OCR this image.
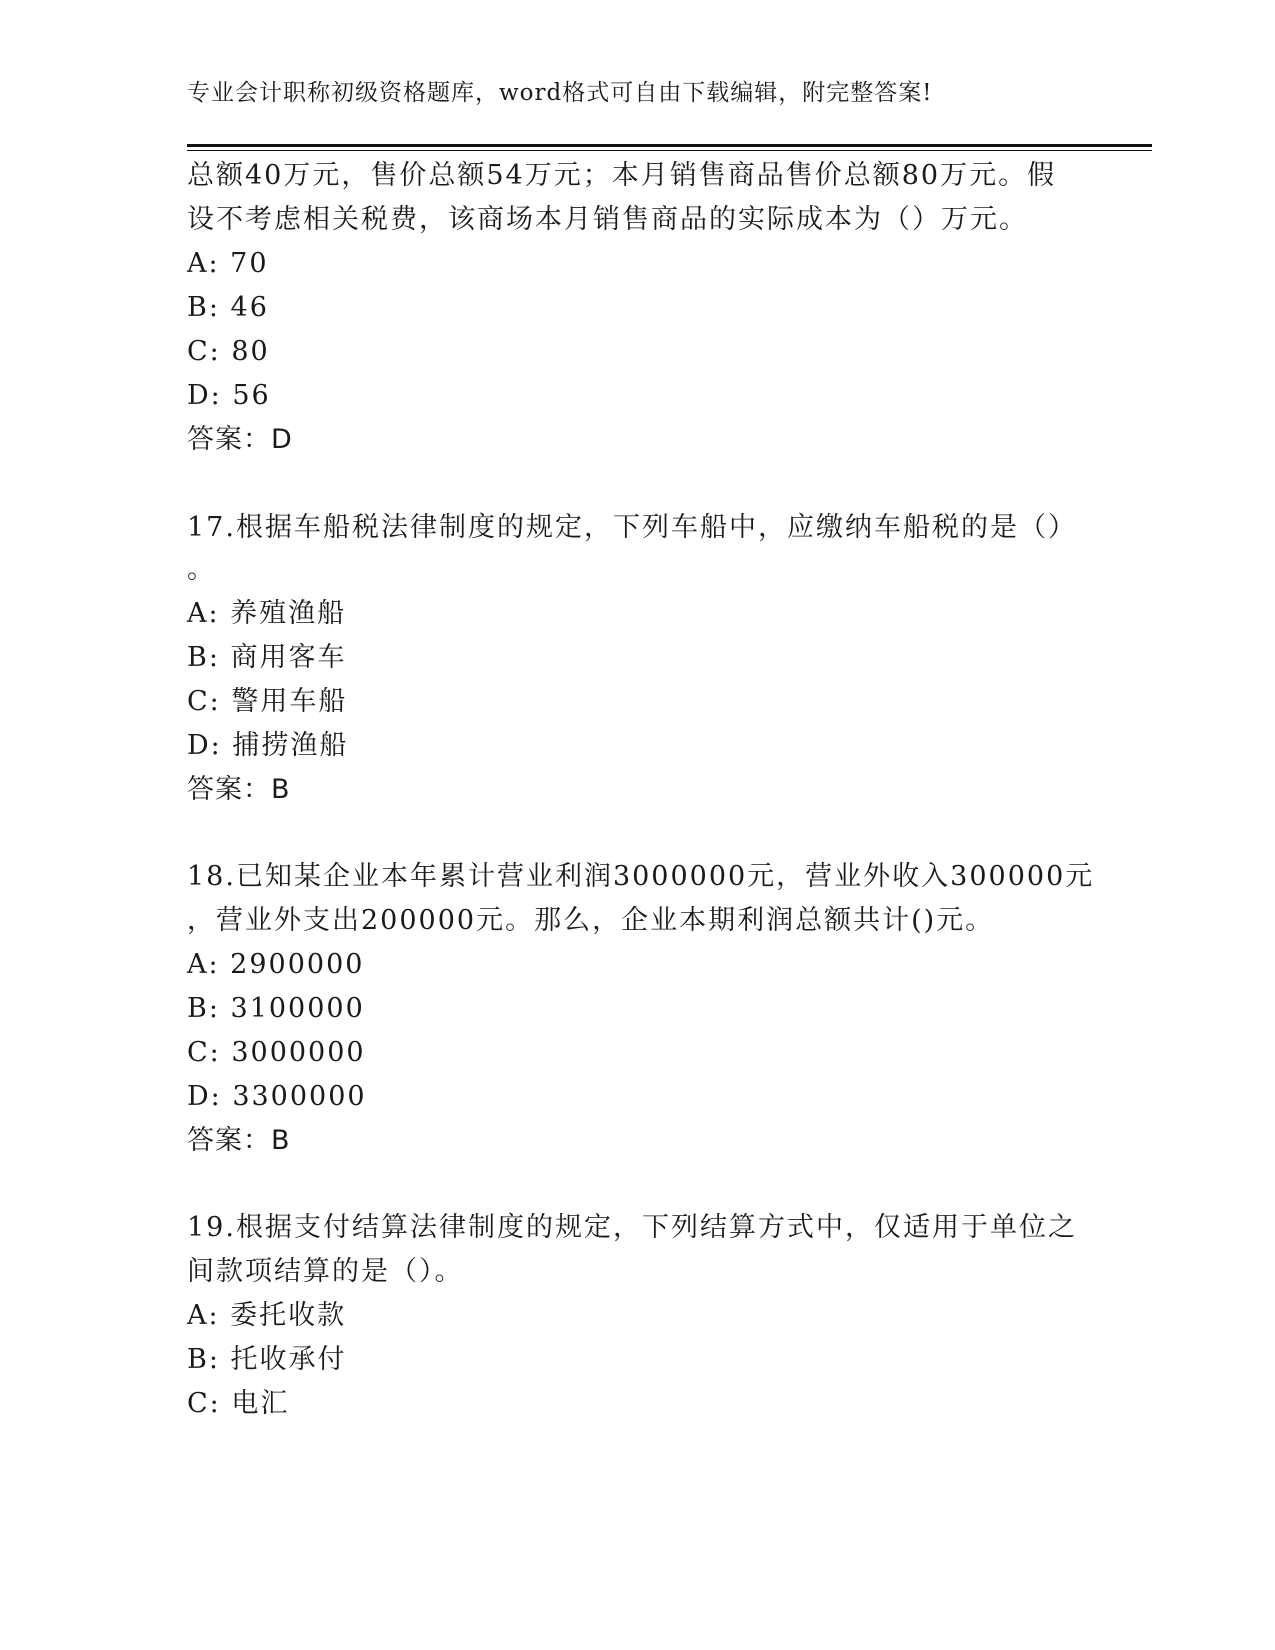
专业会计职称初级资格题库，word格式可自由下载编辑，附完整答案!
总额40万元，售价总额54万元；本月销售商品售价总额80万元。假
设不考虑相关税费，该商场本月销售商品的实际成本为（）万元。
A: 70
B: 46
C: 80
D: 56
答案：D
17.根据车船税法律制度的规定，下列车船中，应缴纳车船税的是（）
。
A: 养殖渔船
B: 商用客车
C: 警用车船
D: 捕捞渔船
答案：B
18.已知某企业本年累计营业利润3000000元，营业外收入300000元
，营业外支出200000元。那么，企业本期利润总额共计()元。
A: 2900000
B: 3100000
C: 3000000
D: 3300000
答案：B
19.根据支付结算法律制度的规定，下列结算方式中，仅适用于单位之
间款项结算的是（）。
A: 委托收款
B: 托收承付
C: 电汇
